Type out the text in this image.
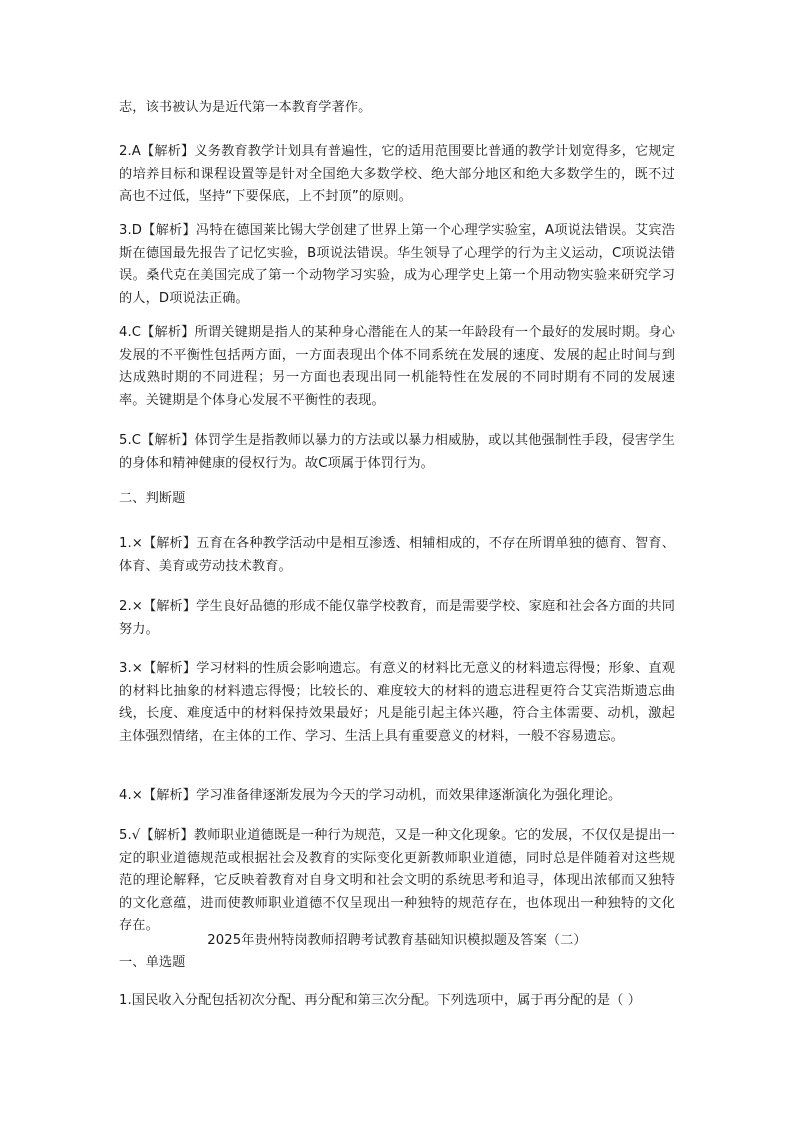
志，该书被认为是近代第一本教育学著作。

2.A【解析】义务教育教学计划具有普遍性，它的适用范围要比普通的教学计划宽得多，它规定的培养目标和课程设置等是针对全国绝大多数学校、绝大部分地区和绝大多数学生的，既不过高也不过低，坚持“下要保底，上不封顶”的原则。

3.D【解析】冯特在德国莱比锡大学创建了世界上第一个心理学实验室，A项说法错误。艾宾浩斯在德国最先报告了记忆实验，B项说法错误。华生领导了心理学的行为主义运动，C项说法错误。桑代克在美国完成了第一个动物学习实验，成为心理学史上第一个用动物实验来研究学习的人，D项说法正确。

4.C【解析】所谓关键期是指人的某种身心潜能在人的某一年龄段有一个最好的发展时期。身心发展的不平衡性包括两方面，一方面表现出个体不同系统在发展的速度、发展的起止时间与到达成熟时期的不同进程；另一方面也表现出同一机能特性在发展的不同时期有不同的发展速率。关键期是个体身心发展不平衡性的表现。

5.C【解析】体罚学生是指教师以暴力的方法或以暴力相威胁，或以其他强制性手段，侵害学生的身体和精神健康的侵权行为。故C项属于体罚行为。

二、判断题

1.×【解析】五育在各种教学活动中是相互渗透、相辅相成的，不存在所谓单独的德育、智育、体育、美育或劳动技术教育。

2.×【解析】学生良好品德的形成不能仅靠学校教育，而是需要学校、家庭和社会各方面的共同努力。

3.×【解析】学习材料的性质会影响遗忘。有意义的材料比无意义的材料遗忘得慢；形象、直观的材料比抽象的材料遗忘得慢；比较长的、难度较大的材料的遗忘进程更符合艾宾浩斯遗忘曲线，长度、难度适中的材料保持效果最好；凡是能引起主体兴趣，符合主体需要、动机，激起主体强烈情绪，在主体的工作、学习、生活上具有重要意义的材料，一般不容易遗忘。

4.×【解析】学习准备律逐渐发展为今天的学习动机，而效果律逐渐演化为强化理论。

5.√【解析】教师职业道德既是一种行为规范，又是一种文化现象。它的发展，不仅仅是提出一定的职业道德规范或根据社会及教育的实际变化更新教师职业道德，同时总是伴随着对这些规范的理论解释，它反映着教育对自身文明和社会文明的系统思考和追寻，体现出浓郁而又独特的文化意蕴，进而使教师职业道德不仅呈现出一种独特的规范存在，也体现出一种独特的文化存在。

2025年贵州特岗教师招聘考试教育基础知识模拟题及答案（二）

一、单选题

1.国民收入分配包括初次分配、再分配和第三次分配。下列选项中，属于再分配的是（ ）
